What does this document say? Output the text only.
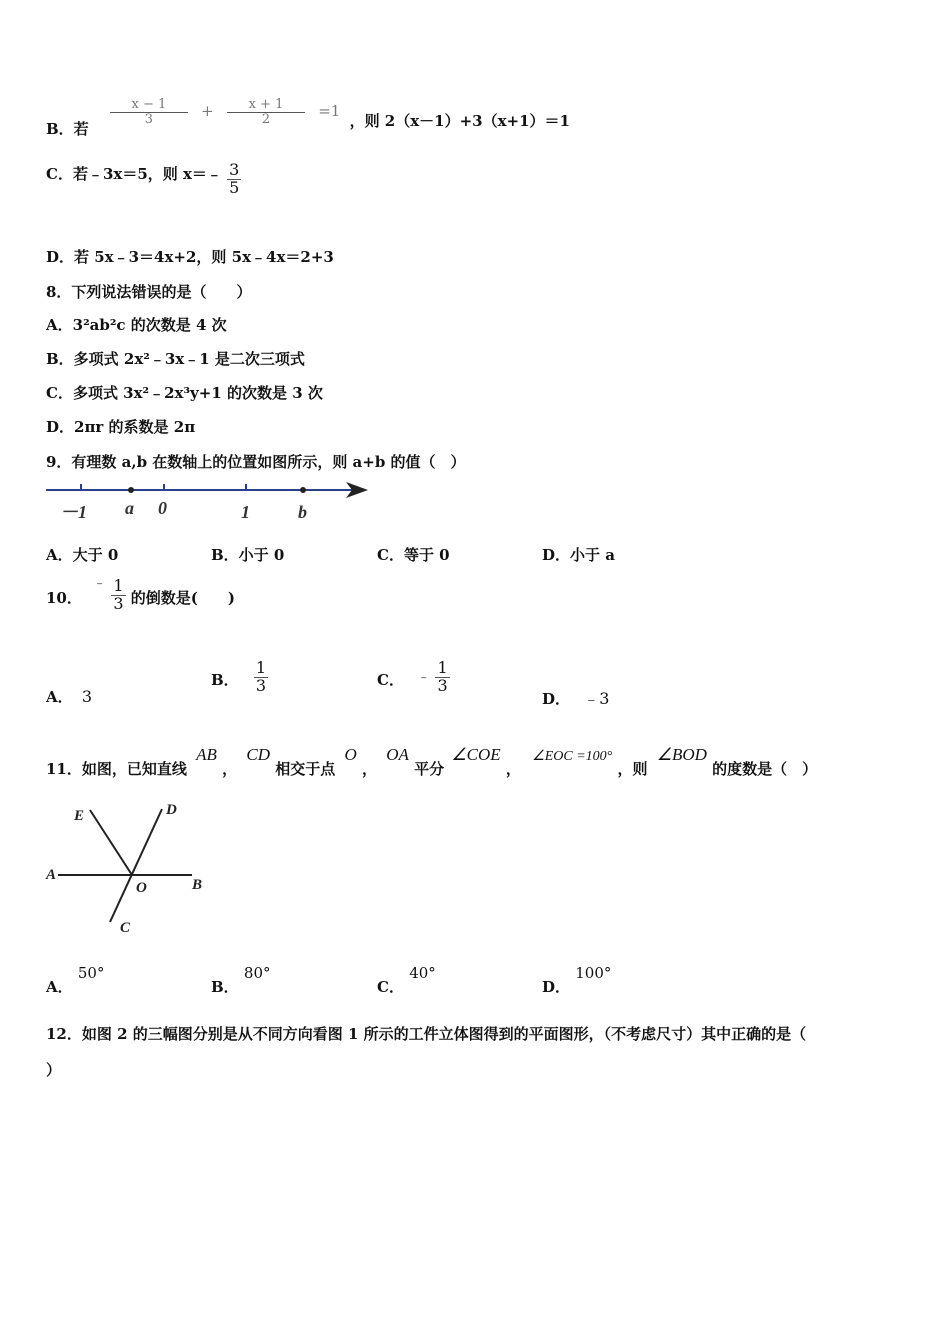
B．若
$\frac{x - 1}{3} + \frac{x + 1}{2} =1$ ，则 2（x－1）+3（x+1）＝1
C．若﹣3x＝5，则 x＝﹣ $\frac{3}{5}$
D．若 5x﹣3＝4x+2，则 5x﹣4x＝2+3
8．下列说法错误的是（　　）
A．3²ab²c 的次数是 4 次
B．多项式 2x²﹣3x﹣1 是二次三项式
C．多项式 3x²﹣2x³y+1 的次数是 3 次
D．2πr 的系数是 2π
9．有理数 a,b 在数轴上的位置如图所示，则 a+b 的值（　）
－1 a 0	1	b
A．大于 0	B．小于 0	C．等于 0	D．小于 a
10． ﹣ $\frac{1}{3}$ 的倒数是(　　)
A． 3
B． $\frac{1}{3}$	C． ﹣ $\frac{1}{3}$
D． ﹣3
11．如图，已知直线 AB ， CD 相交于点 O ， OA 平分 ∠COE ， ∠EOC =100° ，则 ∠BOD 的度数是（　）
E	D
A
O	B
C
A． 50°
B． 80°
C． 40°
D． 100°
12．如图 2 的三幅图分别是从不同方向看图 1 所示的工件立体图得到的平面图形，（不考虑尺寸）其中正确的是（
）
